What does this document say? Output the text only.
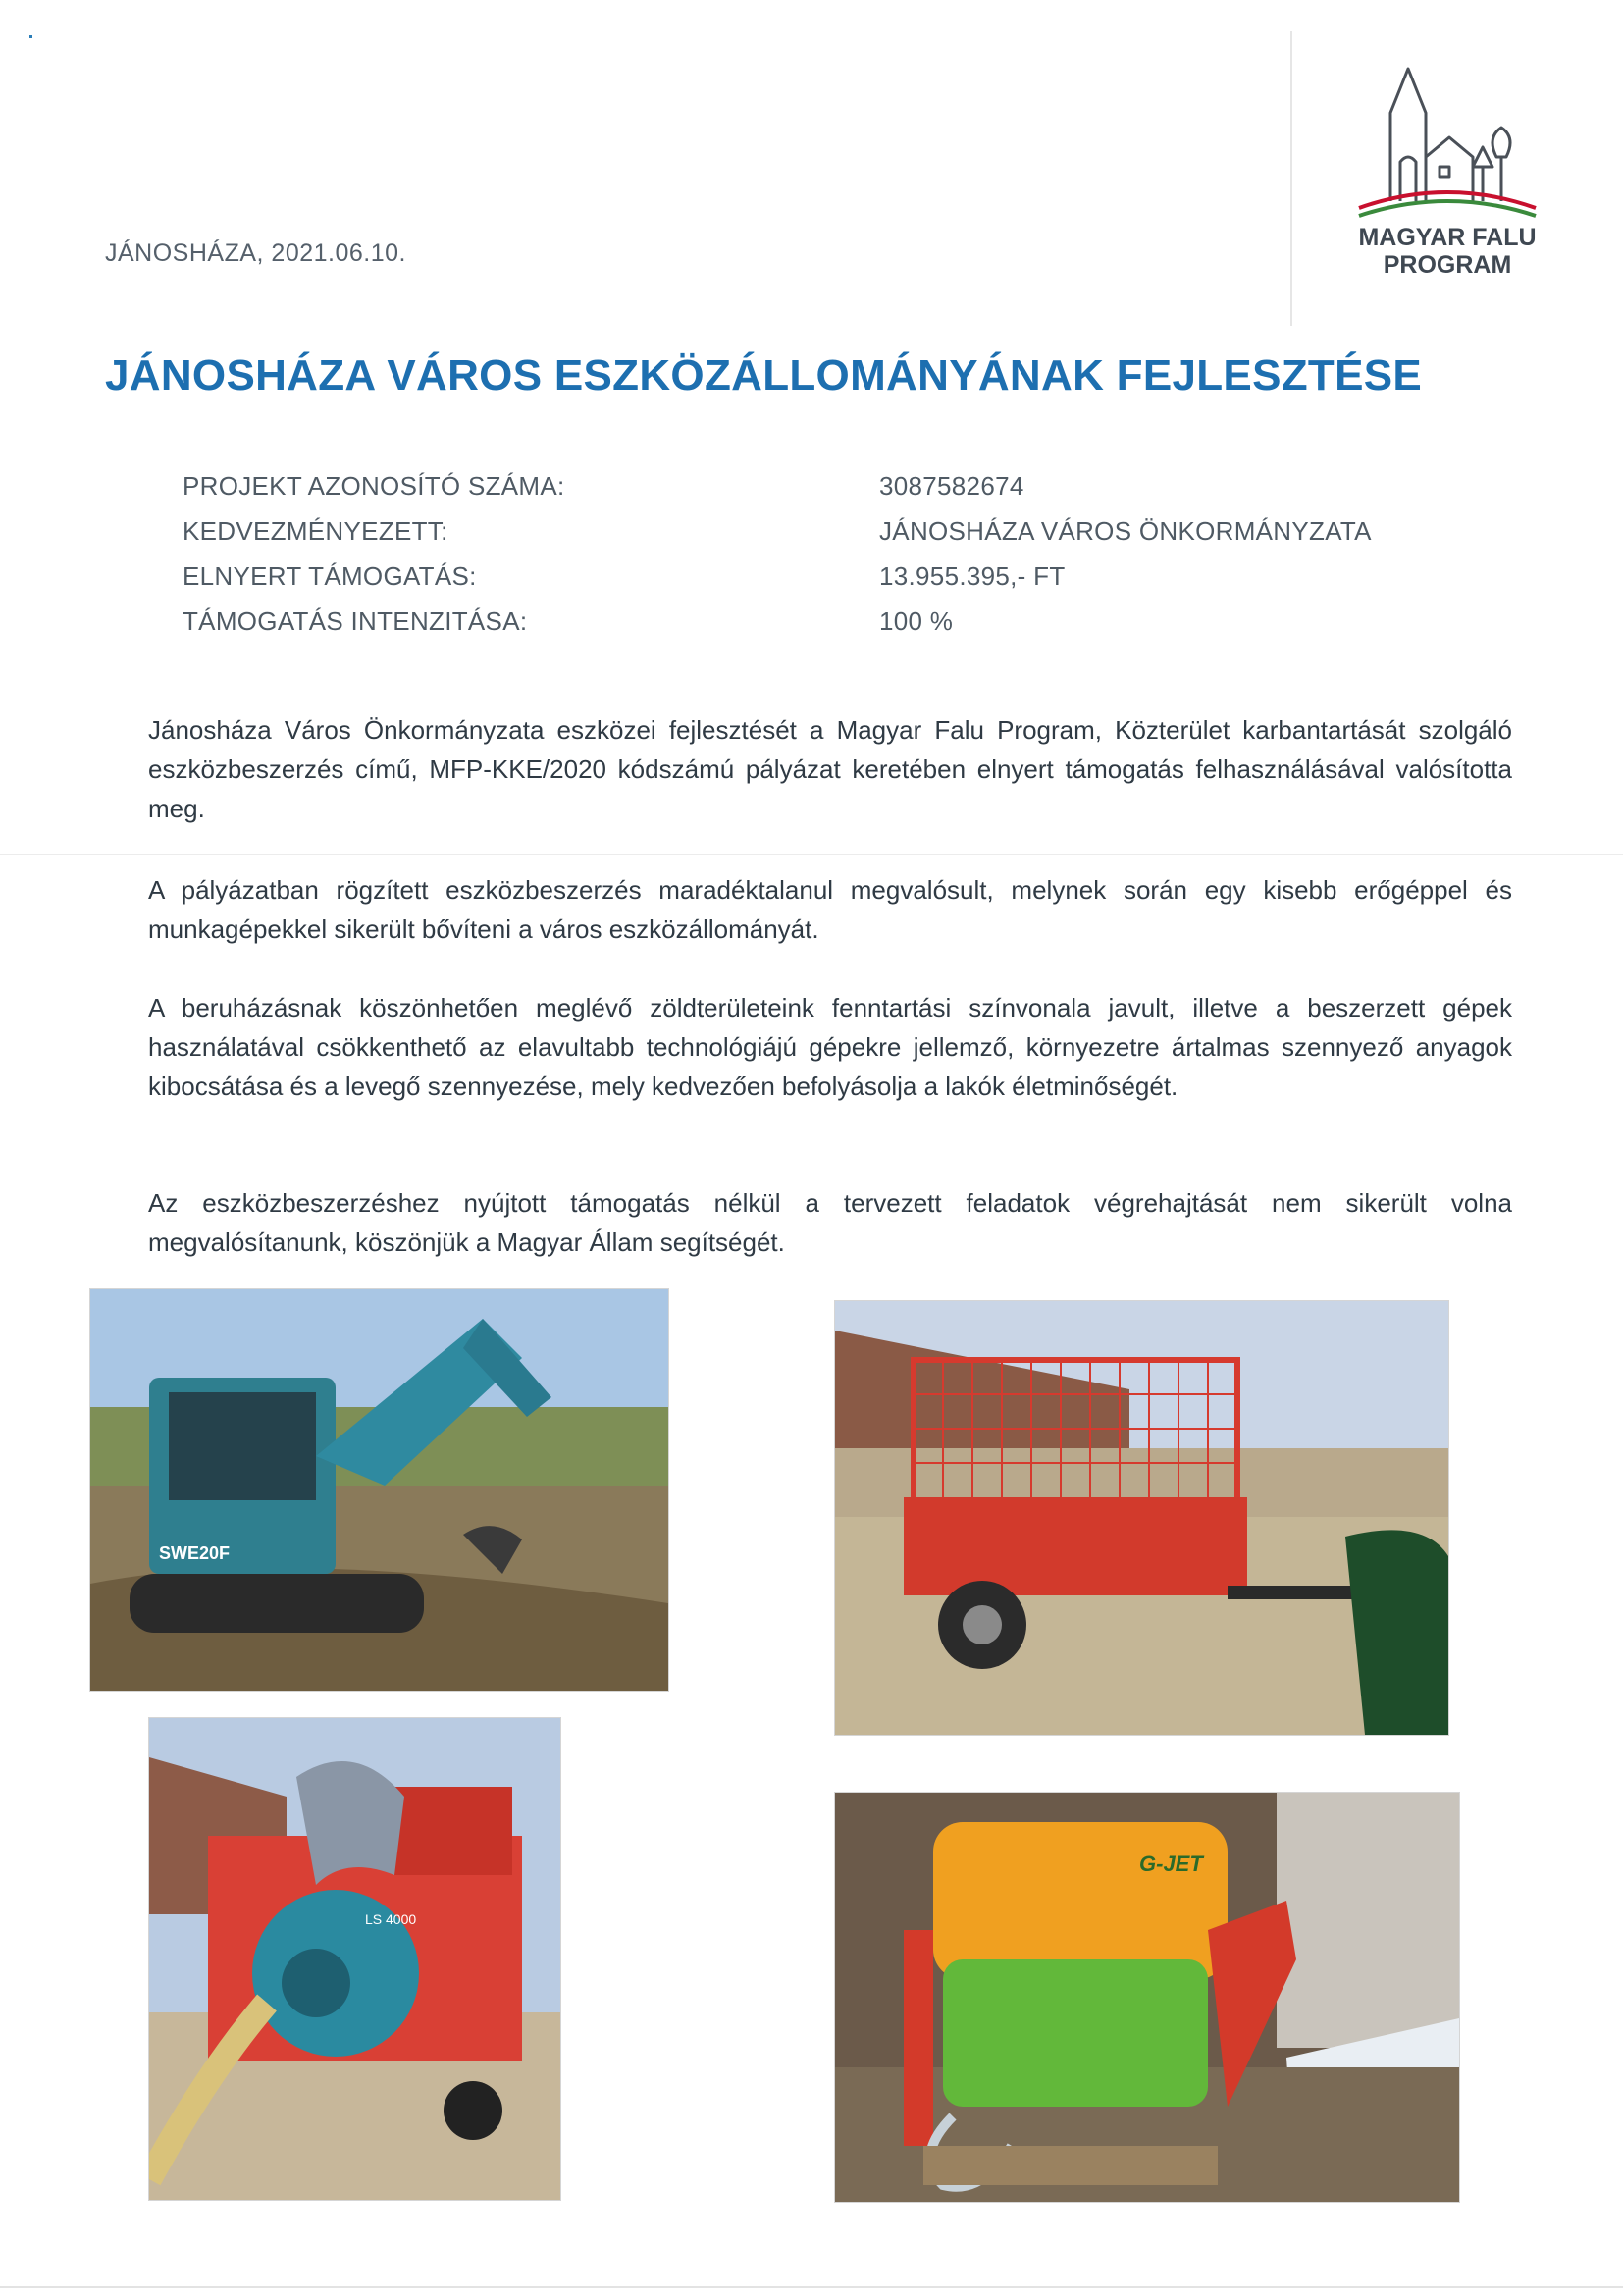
JÁNOSHÁZA, 2021.06.10.
MAGYAR FALU
PROGRAM
JÁNOSHÁZA VÁROS ESZKÖZÁLLOMÁNYÁNAK FEJLESZTÉSE
PROJEKT AZONOSÍTÓ SZÁMA:	3087582674
KEDVEZMÉNYEZETT:	JÁNOSHÁZA VÁROS ÖNKORMÁNYZATA
ELNYERT TÁMOGATÁS:	13.955.395,- FT
TÁMOGATÁS INTENZITÁSA:	100 %
Jánosháza Város Önkormányzata eszközei fejlesztését a Magyar Falu Program, Közterület karbantartását szolgáló eszközbeszerzés című, MFP-KKE/2020 kódszámú pályázat keretében elnyert támogatás felhasználásával valósította meg.
A pályázatban rögzített eszközbeszerzés maradéktalanul megvalósult, melynek során egy kisebb erőgéppel és munkagépekkel sikerült bővíteni a város eszközállományát.
A beruházásnak köszönhetően meglévő zöldterületeink fenntartási színvonala javult, illetve a beszerzett gépek használatával csökkenthető az elavultabb technológiájú gépekre jellemző, környezetre ártalmas szennyező anyagok kibocsátása és a levegő szennyezése, mely kedvezően befolyásolja a lakók életminőségét.
Az eszközbeszerzéshez nyújtott támogatás nélkül a tervezett feladatok végrehajtását nem sikerült volna megvalósítanunk, köszönjük a Magyar Állam segítségét.
SWE20F
LS 4000
G-JET
